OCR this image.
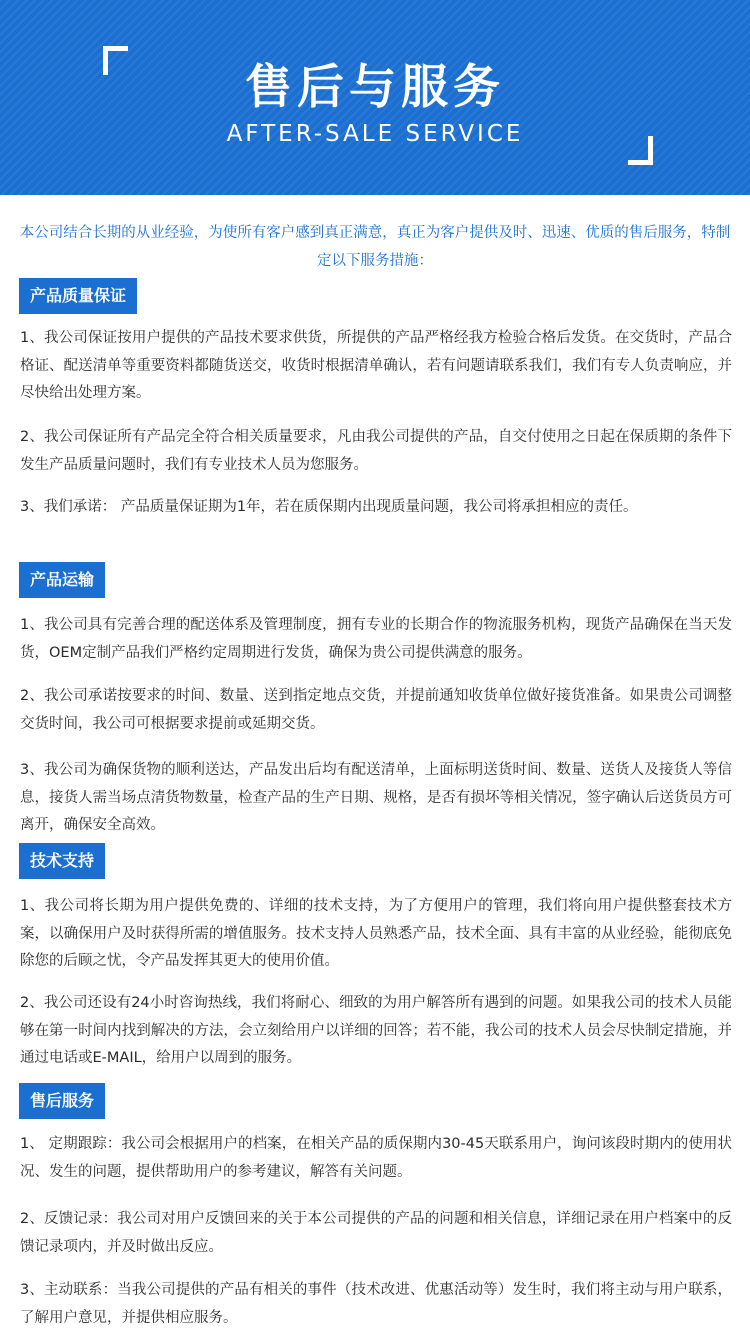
售后与服务
AFTER-SALE SERVICE
本公司结合长期的从业经验，为使所有客户感到真正满意，真正为客户提供及时、迅速、优质的售后服务，特制定以下服务措施：
产品质量保证
1、我公司保证按用户提供的产品技术要求供货，所提供的产品严格经我方检验合格后发货。在交货时，产品合格证、配送清单等重要资料都随货送交，收货时根据清单确认，若有问题请联系我们，我们有专人负责响应，并尽快给出处理方案。
2、我公司保证所有产品完全符合相关质量要求，凡由我公司提供的产品，自交付使用之日起在保质期的条件下发生产品质量问题时，我们有专业技术人员为您服务。
3、我们承诺： 产品质量保证期为1年，若在质保期内出现质量问题，我公司将承担相应的责任。
产品运输
1、我公司具有完善合理的配送体系及管理制度，拥有专业的长期合作的物流服务机构，现货产品确保在当天发货，OEM定制产品我们严格约定周期进行发货，确保为贵公司提供满意的服务。
2、我公司承诺按要求的时间、数量、送到指定地点交货，并提前通知收货单位做好接货准备。如果贵公司调整交货时间，我公司可根据要求提前或延期交货。
3、我公司为确保货物的顺利送达，产品发出后均有配送清单，上面标明送货时间、数量、送货人及接货人等信息，接货人需当场点清货物数量，检查产品的生产日期、规格，是否有损坏等相关情况，签字确认后送货员方可离开，确保安全高效。
技术支持
1、我公司将长期为用户提供免费的、详细的技术支持，为了方便用户的管理，我们将向用户提供整套技术方案，以确保用户及时获得所需的增值服务。技术支持人员熟悉产品，技术全面、具有丰富的从业经验，能彻底免除您的后顾之忧，令产品发挥其更大的使用价值。
2、我公司还设有24小时咨询热线，我们将耐心、细致的为用户解答所有遇到的问题。如果我公司的技术人员能够在第一时间内找到解决的方法，会立刻给用户以详细的回答；若不能，我公司的技术人员会尽快制定措施，并通过电话或E-MAIL，给用户以周到的服务。
售后服务
1、 定期跟踪：我公司会根据用户的档案，在相关产品的质保期内30-45天联系用户，询问该段时期内的使用状况、发生的问题，提供帮助用户的参考建议，解答有关问题。
2、反馈记录：我公司对用户反馈回来的关于本公司提供的产品的问题和相关信息，详细记录在用户档案中的反馈记录项内，并及时做出反应。
3、主动联系：当我公司提供的产品有相关的事件（技术改进、优惠活动等）发生时，我们将主动与用户联系，了解用户意见，并提供相应服务。
